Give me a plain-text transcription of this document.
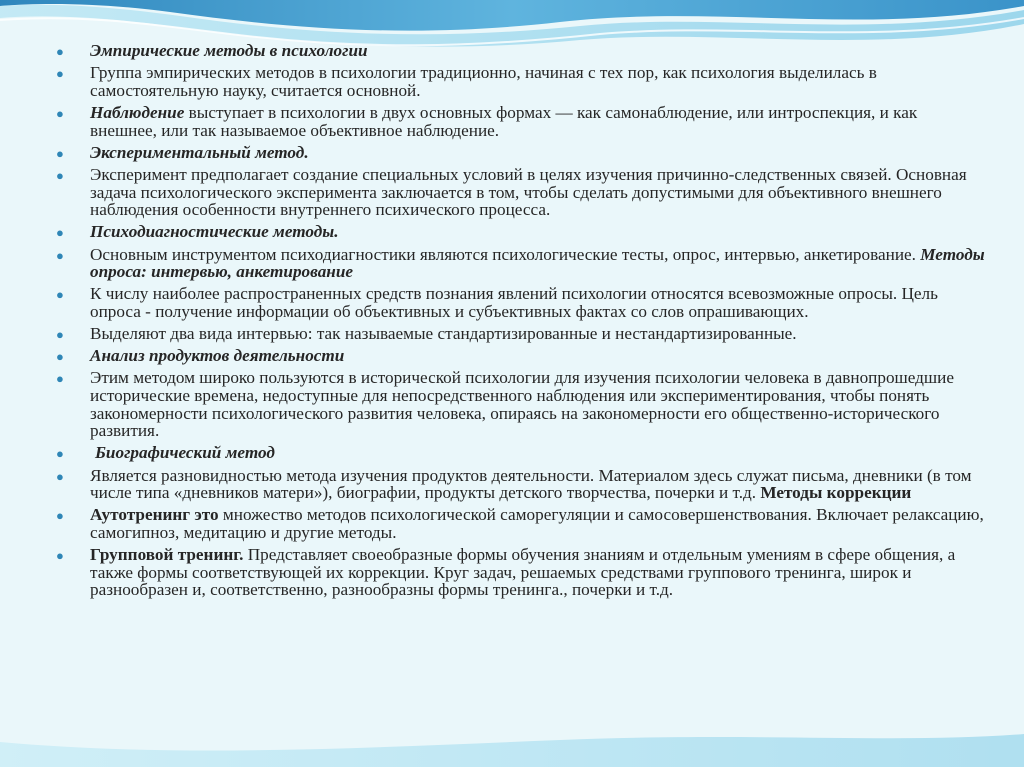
● Эмпирические методы в психологии
● Группа эмпирических методов в психологии традиционно, начиная с тех пор, как психология выделилась в самостоятельную науку, считается основной.
● Наблюдение выступает в психологии в двух основных формах — как самонаблюдение, или интроспекция, и как внешнее, или так называемое объективное наблюдение.
● Экспериментальный метод.
● Эксперимент предполагает создание специальных условий в целях изучения причинно-следственных связей. Основная задача психологического эксперимента заключается в том, чтобы сделать допустимыми для объективного внешнего наблюдения особенности внутреннего психического процесса.
● Психодиагностические методы.
● Основным инструментом психодиагностики являются психологические тесты, опрос, интервью, анкетирование. Методы опроса: интервью, анкетирование
● К числу наиболее распространенных средств познания явлений психологии относятся всевозможные опросы. Цель опроса - получение информации об объективных и субъективных фактах со слов опрашивающих.
● Выделяют два вида интервью: так называемые стандартизированные и нестандартизированные.
● Анализ продуктов деятельности
● Этим методом широко пользуются в исторической психологии для изучения психологии человека в давнопрошедшие исторические времена, недоступные для непосредственного наблюдения или экспериментирования, чтобы понять закономерности психологического развития человека, опираясь на закономерности его общественно-исторического развития.
● Биографический метод
● Является разновидностью метода изучения продуктов деятельности. Материалом здесь служат письма, дневники (в том числе типа «дневников матери»), биографии, продукты детского творчества, почерки и т.д. Методы коррекции
● Аутотренинг это множество методов психологической саморегуляции и самосовершенствования. Включает релаксацию, самогипноз, медитацию и другие методы.
● Групповой тренинг. Представляет своеобразные формы обучения знаниям и отдельным умениям в сфере общения, а также формы соответствующей их коррекции. Круг задач, решаемых средствами группового тренинга, широк и разнообразен и, соответственно, разнообразны формы тренинга., почерки и т.д.
